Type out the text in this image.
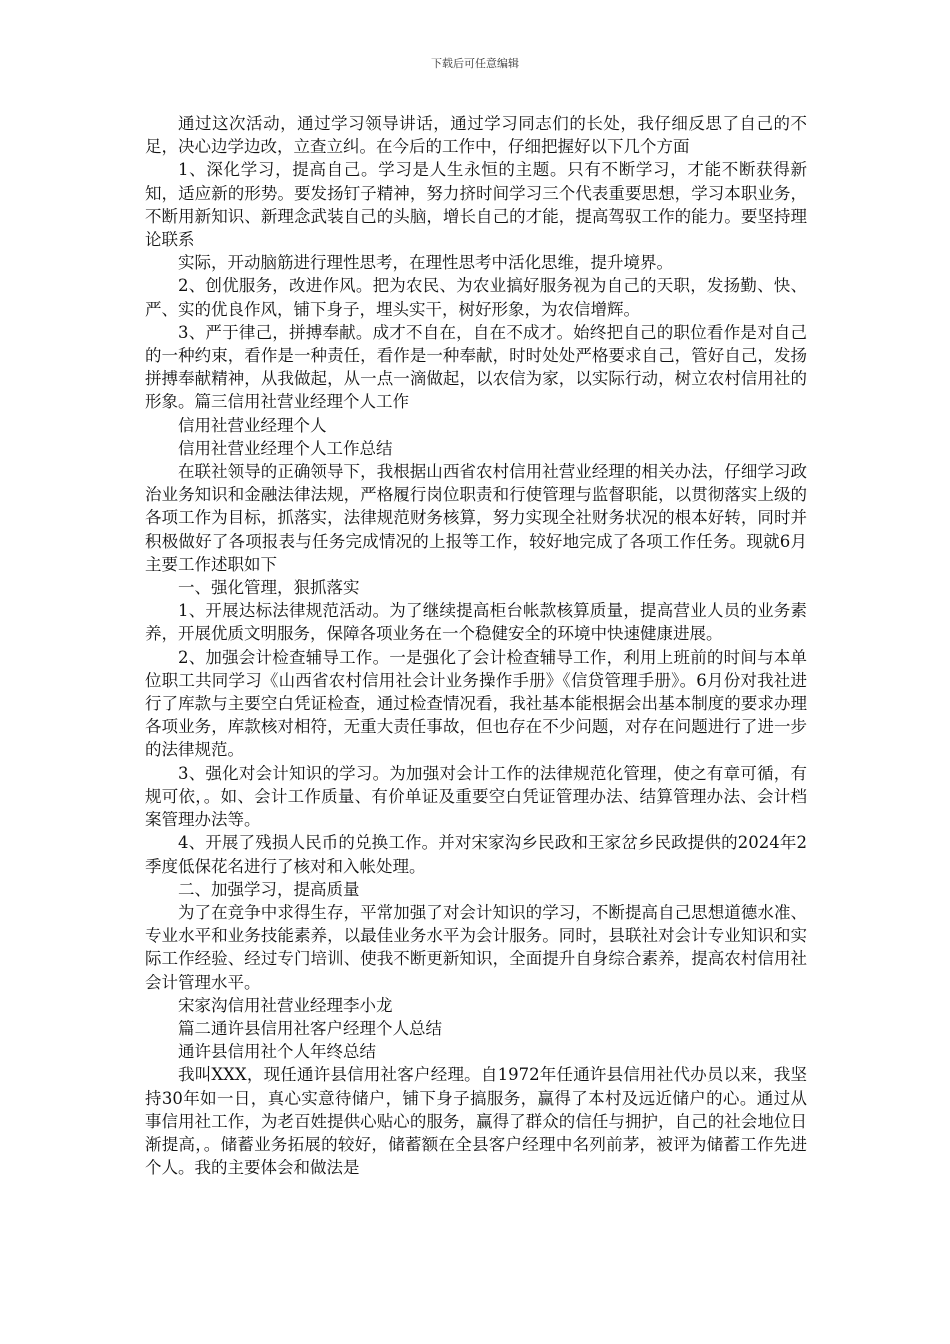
下载后可任意编辑

通过这次活动，通过学习领导讲话，通过学习同志们的长处，我仔细反思了自己的不足，决心边学边改，立查立纠。在今后的工作中，仔细把握好以下几个方面

1、深化学习，提高自己。学习是人生永恒的主题。只有不断学习，才能不断获得新知，适应新的形势。要发扬钉子精神，努力挤时间学习三个代表重要思想，学习本职业务，不断用新知识、新理念武装自己的头脑，增长自己的才能，提高驾驭工作的能力。要坚持理论联系

实际，开动脑筋进行理性思考，在理性思考中活化思维，提升境界。

2、创优服务，改进作风。把为农民、为农业搞好服务视为自己的天职，发扬勤、快、严、实的优良作风，铺下身子，埋头实干，树好形象，为农信增辉。

3、严于律己，拼搏奉献。成才不自在，自在不成才。始终把自己的职位看作是对自己的一种约束，看作是一种责任，看作是一种奉献，时时处处严格要求自己，管好自己，发扬拼搏奉献精神，从我做起，从一点一滴做起，以农信为家，以实际行动，树立农村信用社的形象。篇三信用社营业经理个人工作

信用社营业经理个人

信用社营业经理个人工作总结

在联社领导的正确领导下，我根据山西省农村信用社营业经理的相关办法，仔细学习政治业务知识和金融法律法规，严格履行岗位职责和行使管理与监督职能，以贯彻落实上级的各项工作为目标，抓落实，法律规范财务核算，努力实现全社财务状况的根本好转，同时并积极做好了各项报表与任务完成情况的上报等工作，较好地完成了各项工作任务。现就6月主要工作述职如下

一、强化管理，狠抓落实

1、开展达标法律规范活动。为了继续提高柜台帐款核算质量，提高营业人员的业务素养，开展优质文明服务，保障各项业务在一个稳健安全的环境中快速健康进展。

2、加强会计检查辅导工作。一是强化了会计检查辅导工作，利用上班前的时间与本单位职工共同学习《山西省农村信用社会计业务操作手册》《信贷管理手册》。6月份对我社进行了库款与主要空白凭证检查，通过检查情况看，我社基本能根据会出基本制度的要求办理各项业务，库款核对相符，无重大责任事故，但也存在不少问题，对存在问题进行了进一步的法律规范。

3、强化对会计知识的学习。为加强对会计工作的法律规范化管理，使之有章可循，有规可依，。如、会计工作质量、有价单证及重要空白凭证管理办法、结算管理办法、会计档案管理办法等。

4、开展了残损人民币的兑换工作。并对宋家沟乡民政和王家岔乡民政提供的2024年2季度低保花名进行了核对和入帐处理。

二、加强学习，提高质量

为了在竞争中求得生存，平常加强了对会计知识的学习，不断提高自己思想道德水准、专业水平和业务技能素养，以最佳业务水平为会计服务。同时，县联社对会计专业知识和实际工作经验、经过专门培训、使我不断更新知识，全面提升自身综合素养，提高农村信用社会计管理水平。

宋家沟信用社营业经理李小龙

篇二通许县信用社客户经理个人总结

通许县信用社个人年终总结

我叫XXX，现任通许县信用社客户经理。自1972年任通许县信用社代办员以来，我坚持30年如一日，真心实意待储户，铺下身子搞服务，赢得了本村及远近储户的心。通过从事信用社工作，为老百姓提供心贴心的服务，赢得了群众的信任与拥护，自己的社会地位日渐提高，。储蓄业务拓展的较好，储蓄额在全县客户经理中名列前茅，被评为储蓄工作先进个人。我的主要体会和做法是
